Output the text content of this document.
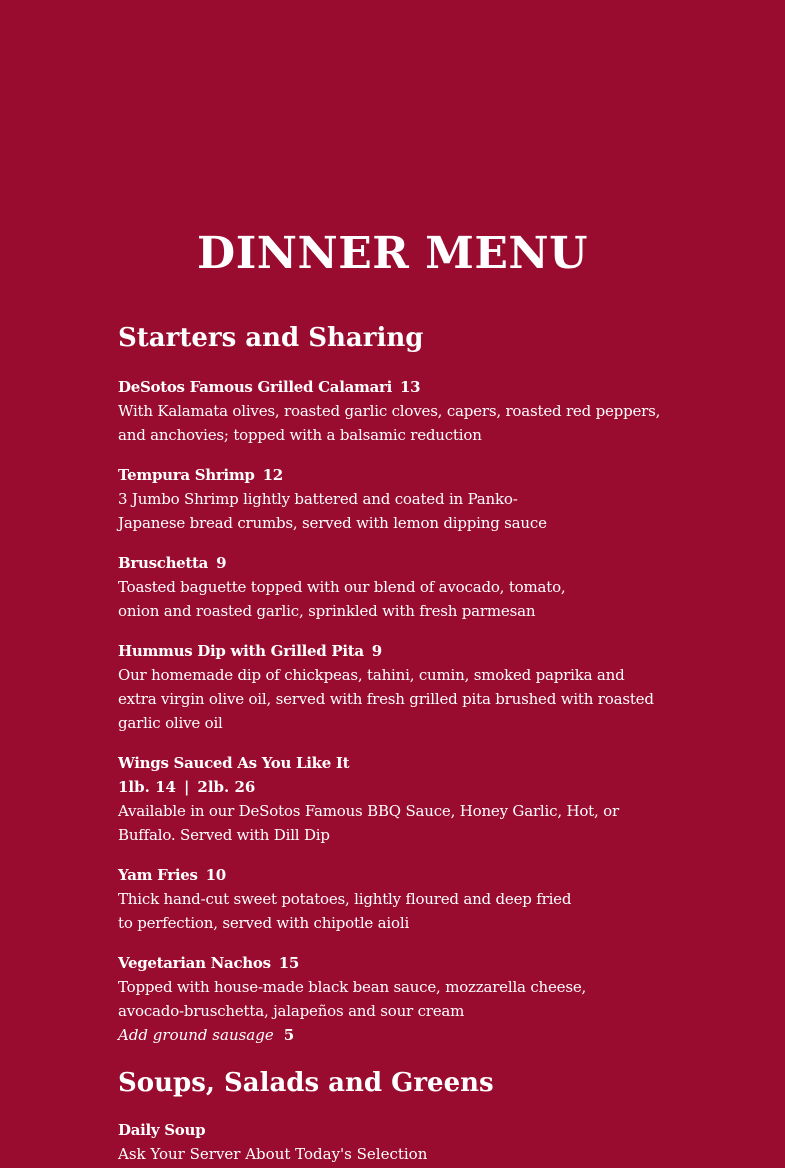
DINNER MENU
Starters and Sharing
DeSotos Famous Grilled Calamari 13
With Kalamata olives, roasted garlic cloves, capers, roasted red peppers, and anchovies; topped with a balsamic reduction
Tempura Shrimp 12
3 Jumbo Shrimp lightly battered and coated in Panko-Japanese bread crumbs, served with lemon dipping sauce
Bruschetta 9
Toasted baguette topped with our blend of avocado, tomato, onion and roasted garlic, sprinkled with fresh parmesan
Hummus Dip with Grilled Pita 9
Our homemade dip of chickpeas, tahini, cumin, smoked paprika and extra virgin olive oil, served with fresh grilled pita brushed with roasted garlic olive oil
Wings Sauced As You Like It
1lb. 14 | 2lb. 26
Available in our DeSotos Famous BBQ Sauce, Honey Garlic, Hot, or Buffalo. Served with Dill Dip
Yam Fries 10
Thick hand-cut sweet potatoes, lightly floured and deep fried to perfection, served with chipotle aioli
Vegetarian Nachos 15
Topped with house-made black bean sauce, mozzarella cheese, avocado-bruschetta, jalapeños and sour cream
Add ground sausage 5
Soups, Salads and Greens
Daily Soup
Ask Your Server About Today's Selection
